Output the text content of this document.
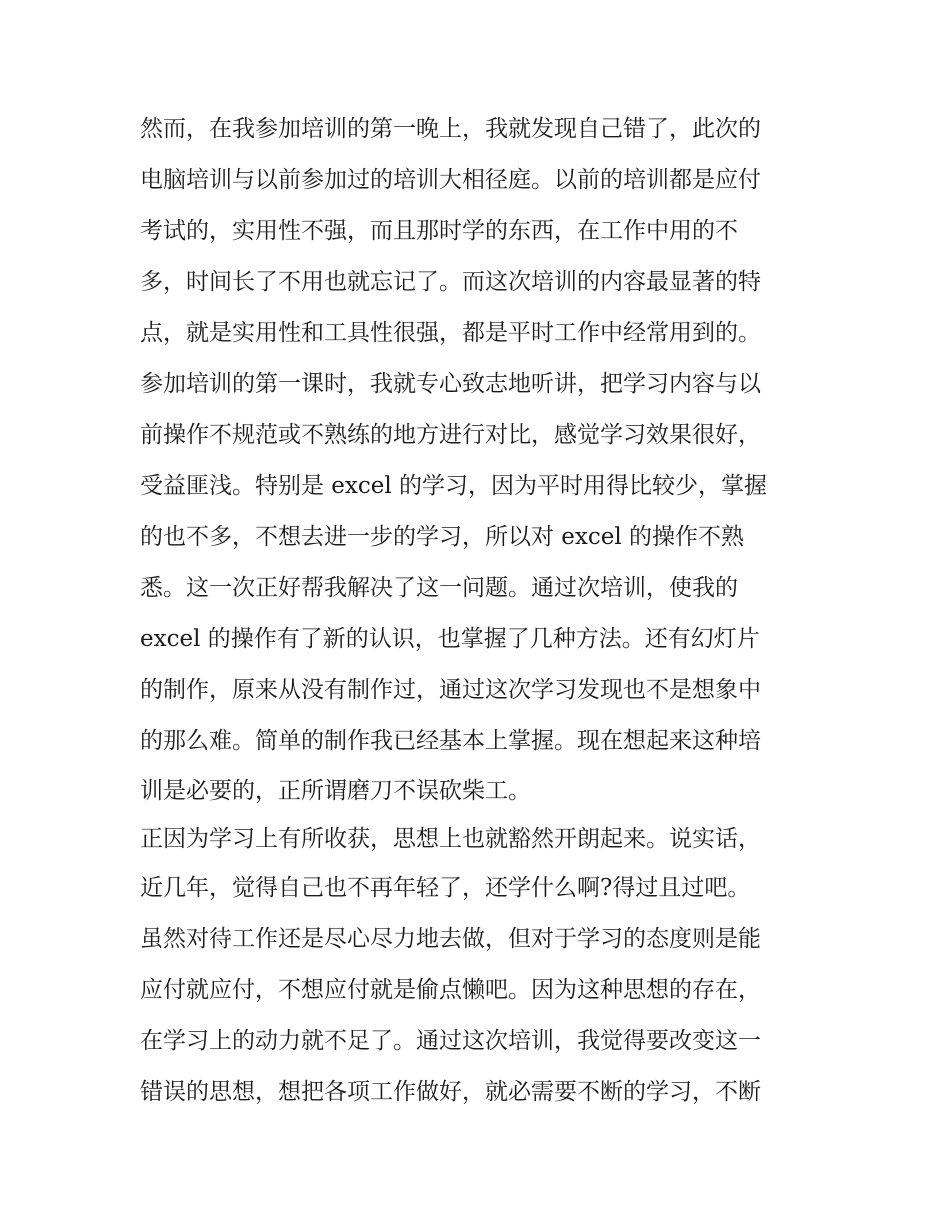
然而，在我参加培训的第一晚上，我就发现自己错了，此次的
电脑培训与以前参加过的培训大相径庭。以前的培训都是应付
考试的，实用性不强，而且那时学的东西，在工作中用的不
多，时间长了不用也就忘记了。而这次培训的内容最显著的特
点，就是实用性和工具性很强，都是平时工作中经常用到的。
参加培训的第一课时，我就专心致志地听讲，把学习内容与以
前操作不规范或不熟练的地方进行对比，感觉学习效果很好，
受益匪浅。特别是 excel 的学习，因为平时用得比较少，掌握
的也不多，不想去进一步的学习，所以对 excel 的操作不熟
悉。这一次正好帮我解决了这一问题。通过次培训，使我的
excel 的操作有了新的认识，也掌握了几种方法。还有幻灯片
的制作，原来从没有制作过，通过这次学习发现也不是想象中
的那么难。简单的制作我已经基本上掌握。现在想起来这种培
训是必要的，正所谓磨刀不误砍柴工。
正因为学习上有所收获，思想上也就豁然开朗起来。说实话，
近几年，觉得自己也不再年轻了，还学什么啊?得过且过吧。
虽然对待工作还是尽心尽力地去做，但对于学习的态度则是能
应付就应付，不想应付就是偷点懒吧。因为这种思想的存在，
在学习上的动力就不足了。通过这次培训，我觉得要改变这一
错误的思想，想把各项工作做好，就必需要不断的学习，不断
